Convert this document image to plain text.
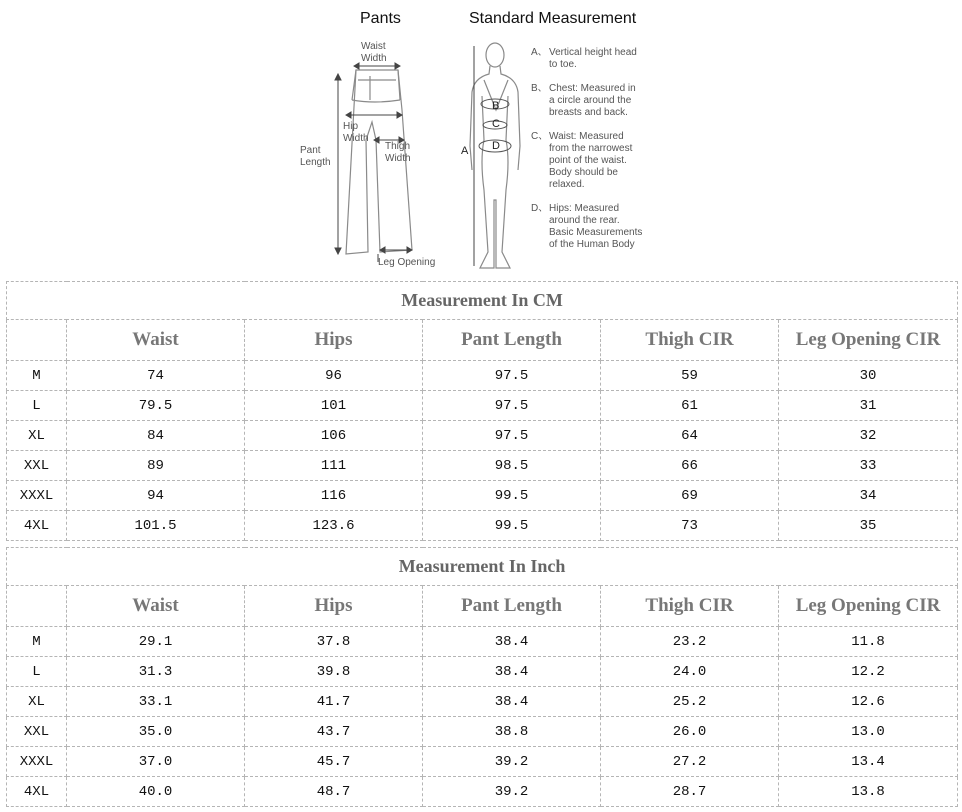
Pants	Standard Measurement
Waist
Width
Hip
Width
Pant
Length
Thigh
Width
Leg Opening
A
B
C
D
A、 Vertical height head
to toe.
B、 Chest: Measured in
a circle around the
breasts and back.
C、 Waist: Measured
from the narrowest
point of the waist.
Body should be
relaxed.
D、 Hips: Measured
around the rear.
Basic Measurements
of the Human Body
Measurement In CM					
	Waist	Hips	Pant Length	Thigh CIR	Leg Opening CIR
M	74	96	97.5	59	30
L	79.5	101	97.5	61	31
XL	84	106	97.5	64	32
XXL	89	111	98.5	66	33
XXXL	94	116	99.5	69	34
4XL	101.5	123.6	99.5	73	35
Measurement In Inch					
	Waist	Hips	Pant Length	Thigh CIR	Leg Opening CIR
M	29.1	37.8	38.4	23.2	11.8
L	31.3	39.8	38.4	24.0	12.2
XL	33.1	41.7	38.4	25.2	12.6
XXL	35.0	43.7	38.8	26.0	13.0
XXXL	37.0	45.7	39.2	27.2	13.4
4XL	40.0	48.7	39.2	28.7	13.8
